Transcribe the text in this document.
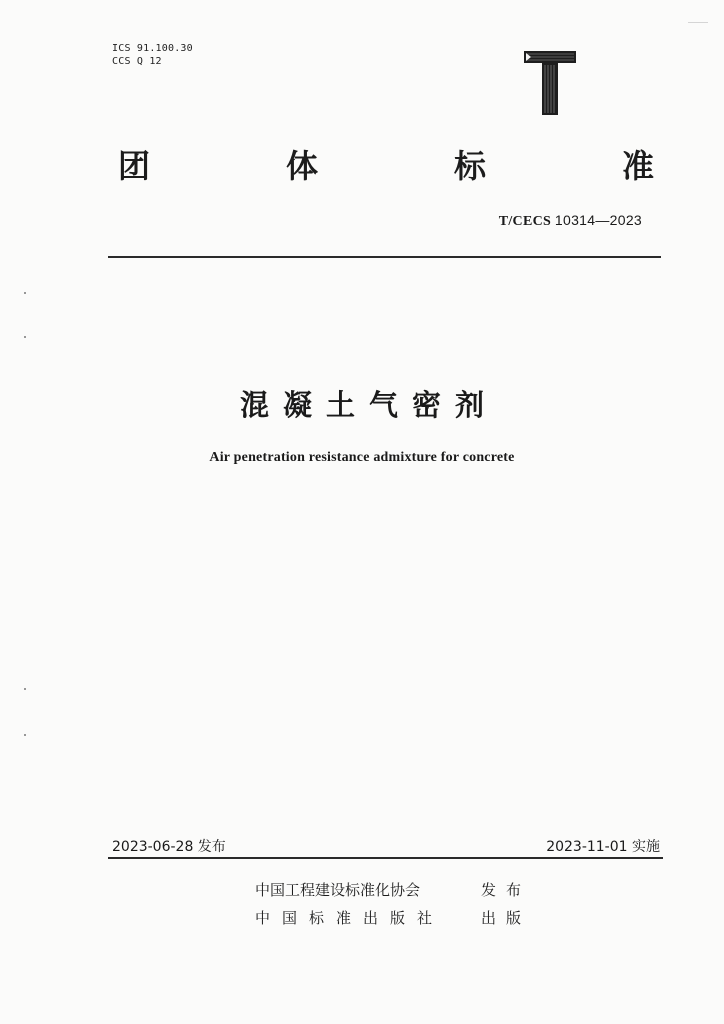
ICS 91.100.30
CCS Q 12
团	体	标	准
T/CECS 10314—2023
混凝土气密剂
Air penetration resistance admixture for concrete
2023-06-28 发布	2023-11-01 实施
中国工程建设标准化协会	发布
中国标准出版社	出版
